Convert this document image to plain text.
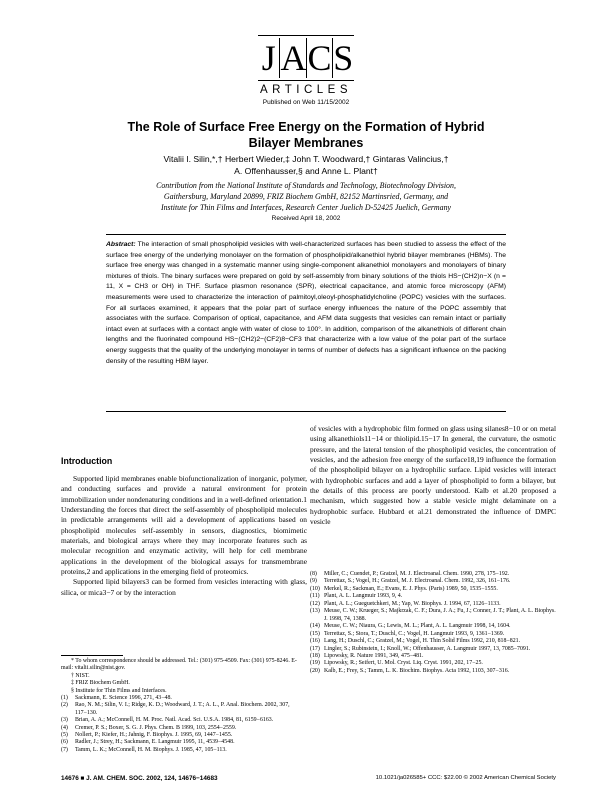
J A C S
ARTICLES
Published on Web 11/15/2002
The Role of Surface Free Energy on the Formation of Hybrid
Bilayer Membranes
Vitalii I. Silin,*,† Herbert Wieder,‡ John T. Woodward,† Gintaras Valincius,†
A. Offenhausser,§ and Anne L. Plant†
Contribution from the National Institute of Standards and Technology, Biotechnology Division,
Gaithersburg, Maryland 20899, FRIZ Biochem GmbH, 82152 Martinsried, Germany, and
Institute for Thin Films and Interfaces, Research Center Juelich D-52425 Juelich, Germany
Received April 18, 2002
Abstract: The interaction of small phospholipid vesicles with well-characterized surfaces has been studied to assess the effect of the surface free energy of the underlying monolayer on the formation of phospholipid/alkanethiol hybrid bilayer membranes (HBMs). The surface free energy was changed in a systematic manner using single-component alkanethiol monolayers and monolayers of binary mixtures of thiols. The binary surfaces were prepared on gold by self-assembly from binary solutions of the thiols HS−(CH2)n−X (n = 11, X = CH3 or OH) in THF. Surface plasmon resonance (SPR), electrical capacitance, and atomic force microscopy (AFM) measurements were used to characterize the interaction of palmitoyl,oleoyl-phosphatidylcholine (POPC) vesicles with the surfaces. For all surfaces examined, it appears that the polar part of surface energy influences the nature of the POPC assembly that associates with the surface. Comparison of optical, capacitance, and AFM data suggests that vesicles can remain intact or partially intact even at surfaces with a contact angle with water of close to 100°. In addition, comparison of the alkanethiols of different chain lengths and the fluorinated compound HS−(CH2)2−(CF2)8−CF3 that characterize with a low value of the polar part of the surface energy suggests that the quality of the underlying monolayer in terms of number of defects has a significant influence on the packing density of the resulting HBM layer.
Introduction

Supported lipid membranes enable biofunctionalization of inorganic, polymer, and conducting surfaces and provide a natural environment for protein immobilization under nondenaturing conditions and in a well-defined orientation.1 Understanding the forces that direct the self-assembly of phospholipid molecules in predictable arrangements will aid a development of applications based on phospholipid molecules self-assembly in sensors, diagnostics, biomimetic materials, and biological arrays where they may incorporate features such as molecular recognition and enzymatic activity, will help for cell membrane applications in the development of the biological assays for transmembrane proteins,2 and applications in the emerging field of proteomics.

Supported lipid bilayers3 can be formed from vesicles interacting with glass, silica, or mica3−7 or by the interaction

of vesicles with a hydrophobic film formed on glass using silanes8−10 or on metal using alkanethiols11−14 or thiolipid.15−17 In general, the curvature, the osmotic pressure, and the lateral tension of the phospholipid vesicles, the concentration of vesicles, and the adhesion free energy of the surface18,19 influence the formation of the phospholipid bilayer on a hydrophilic surface. Lipid vesicles will interact with hydrophobic surfaces and add a layer of phospholipid to form a bilayer, but the details of this process are poorly understood. Kalb et al.20 proposed a mechanism, which suggested how a stable vesicle might delaminate on a hydrophobic surface. Hubbard et al.21 demonstrated the influence of DMPC vesicle
* To whom correspondence should be addressed. Tel.: (301) 975-4509. Fax: (301) 975-8246. E-mail: vitalii.silin@nist.gov.
† NIST.
‡ FRIZ Biochem GmbH.
§ Institute for Thin Films and Interfaces.
(1)	Sackmann, E. Science 1996, 271, 43−48.
(2)	Rao, N. M.; Silin, V. I.; Ridge, K. D.; Woodward, J. T.; A. L., P. Anal. Biochem. 2002, 307, 117−130.
(3)	Brian, A. A.; McConnell, H. M. Proc. Natl. Acad. Sci. U.S.A. 1984, 81, 6159−6163.
(4)	Cremer, P. S.; Boxer, S. G. J. Phys. Chem. B 1999, 103, 2554−2559.
(5)	Nollert, P.; Kiefer, H.; Jahnig, F. Biophys. J. 1995, 69, 1447−1455.
(6)	Radler, J.; Strey, H.; Sackmann, E. Langmuir 1995, 11, 4539−4548.
(7)	Tamm, L. K.; McConnell, H. M. Biophys. J. 1985, 47, 105−113.
(8)	Miller, C.; Cuendet, P.; Gratzel, M. J. Electroanal. Chem. 1990, 278, 175−192.
(9)	Terrettaz, S.; Vogel, H.; Gratzel, M. J. Electroanal. Chem. 1992, 326, 161−176.
(10) Merkel, R.; Sackman, E.; Evans, E. J. Phys. (Paris) 1989, 50, 1535−1555.
(11) Plant, A. L. Langmuir 1993, 9, 4.
(12) Plant, A. L.; Gueguetchkeri, M.; Yap, W. Biophys. J. 1994, 67, 1126−1133.
(13) Meuse, C. W.; Krueger, S.; Majkrzak, C. F.; Dura, J. A.; Fu, J.; Conner, J. T.; Plant, A. L. Biophys. J. 1998, 74, 1388.
(14) Meuse, C. W.; Niaura, G.; Lewis, M. L.; Plant, A. L. Langmuir 1998, 14, 1604.
(15) Terrettaz, S.; Stora, T.; Duschl, C.; Vogel, H. Langmuir 1993, 9, 1361−1369.
(16) Lang, H.; Duschl, C.; Gratzel, M.; Vogel, H. Thin Solid Films 1992, 210, 818−821.
(17) Lingler, S.; Rubinstein, I.; Knoll, W.; Offenhausser, A. Langmuir 1997, 13, 7085−7091.
(18) Lipowsky, R. Nature 1991, 349, 475−481.
(19) Lipowsky, R.; Seifert, U. Mol. Cryst. Liq. Cryst. 1991, 202, 17−25.
(20) Kalb, E.; Frey, S.; Tamm, L. K. Biochim. Biophys. Acta 1992, 1103, 307−316.
14676 ■ J. AM. CHEM. SOC. 2002, 124, 14676−14683	10.1021/ja026585+ CCC: $22.00 © 2002 American Chemical Society
